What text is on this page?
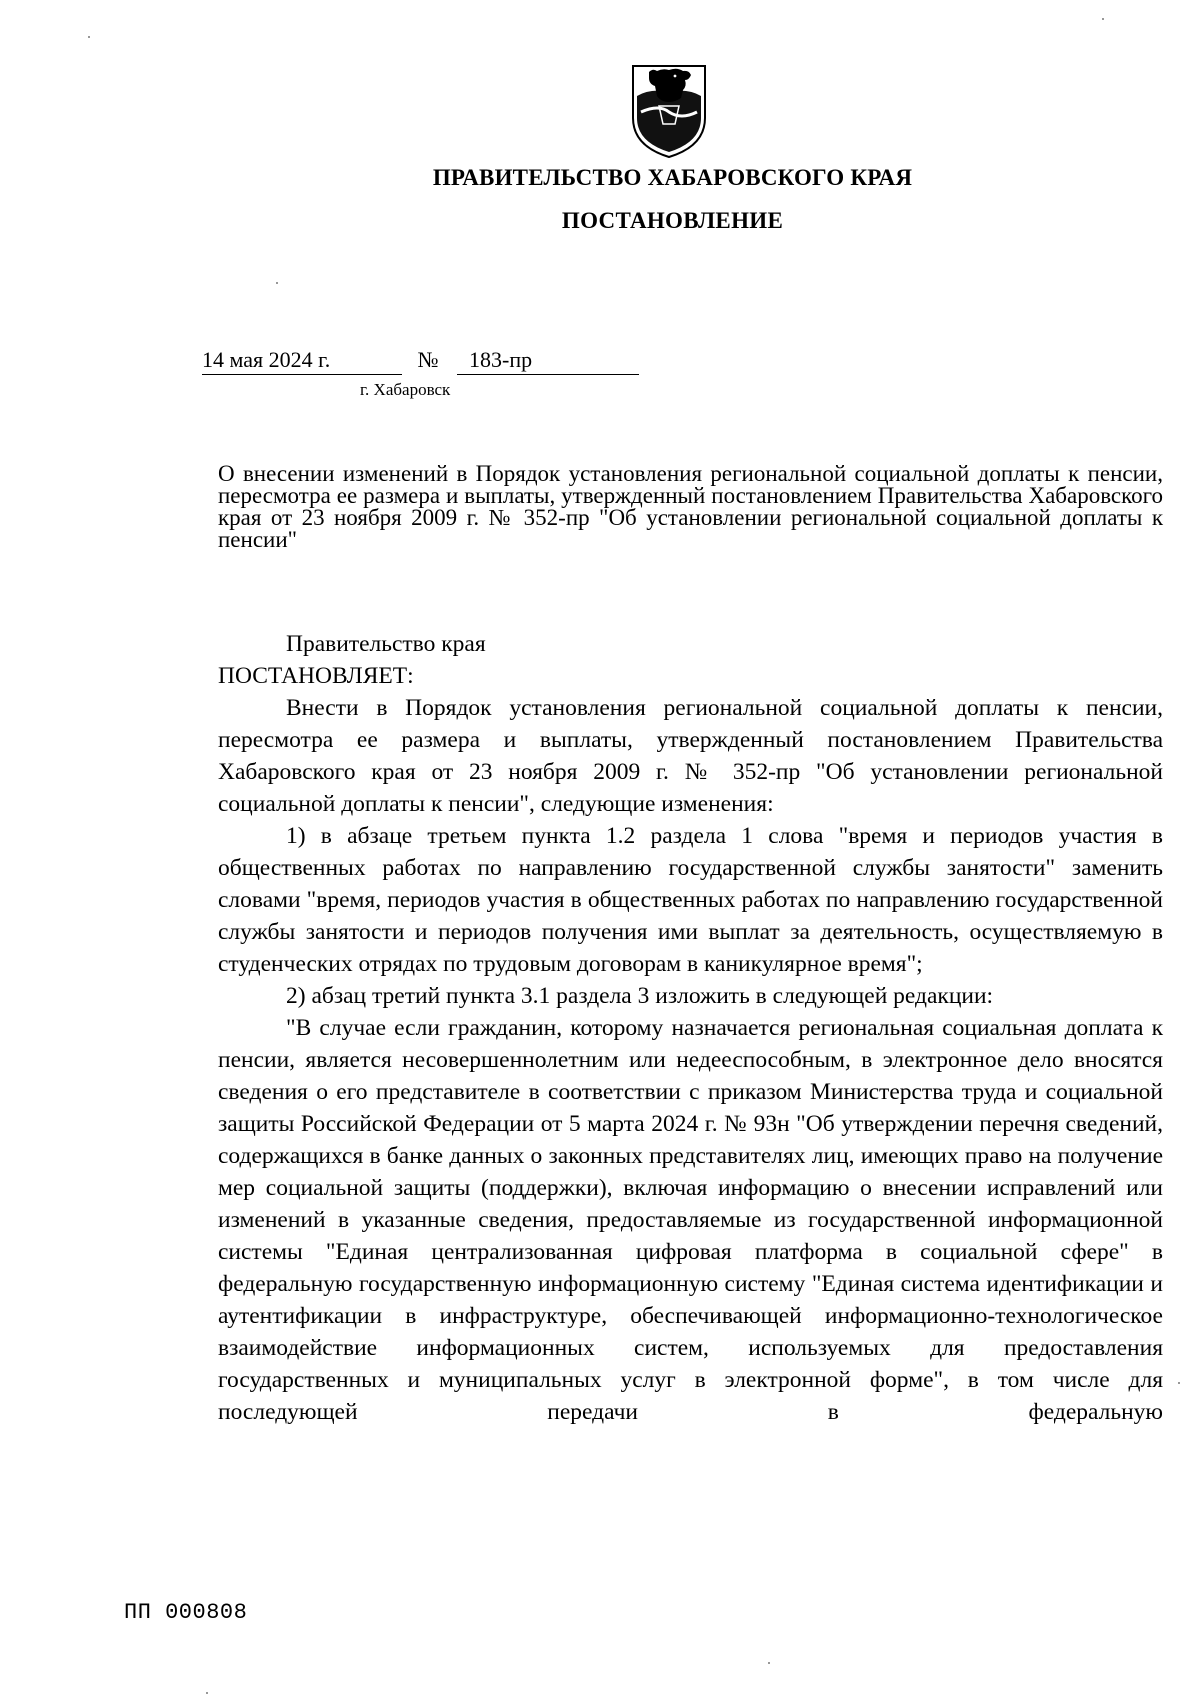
ПРАВИТЕЛЬСТВО ХАБАРОВСКОГО КРАЯ
ПОСТАНОВЛЕНИЕ
14 мая 2024 г.	№ 183-пр
г. Хабаровск
О внесении изменений в Порядок установления региональной социальной доплаты к пенсии, пересмотра ее размера и выплаты, утвержденный постановлением Правительства Хабаровского края от 23 ноября 2009 г. № 352-пр "Об установлении региональной социальной доплаты к пенсии"

Правительство края

ПОСТАНОВЛЯЕТ:

Внести в Порядок установления региональной социальной доплаты к пенсии, пересмотра ее размера и выплаты, утвержденный постановлением Правительства Хабаровского края от 23 ноября 2009 г. № 352-пр "Об установлении региональной социальной доплаты к пенсии", следующие изменения:

1) в абзаце третьем пункта 1.2 раздела 1 слова "время и периодов участия в общественных работах по направлению государственной службы занятости" заменить словами "время, периодов участия в общественных работах по направлению государственной службы занятости и периодов получения ими выплат за деятельность, осуществляемую в студенческих отрядах по трудовым договорам в каникулярное время";

2) абзац третий пункта 3.1 раздела 3 изложить в следующей редакции:

"В случае если гражданин, которому назначается региональная социальная доплата к пенсии, является несовершеннолетним или недееспособным, в электронное дело вносятся сведения о его представителе в соответствии с приказом Министерства труда и социальной защиты Российской Федерации от 5 марта 2024 г. № 93н "Об утверждении перечня сведений, содержащихся в банке данных о законных представителях лиц, имеющих право на получение мер социальной защиты (поддержки), включая информацию о внесении исправлений или изменений в указанные сведения, предоставляемые из государственной информационной системы "Единая централизованная цифровая платформа в социальной сфере" в федеральную государственную информационную систему "Единая система идентификации и аутентификации в инфраструктуре, обеспечивающей информационно-технологическое взаимодействие информационных систем, используемых для предоставления государственных и муниципальных услуг в электронной форме", в том числе для последующей передачи в федеральную

ПП 000808
